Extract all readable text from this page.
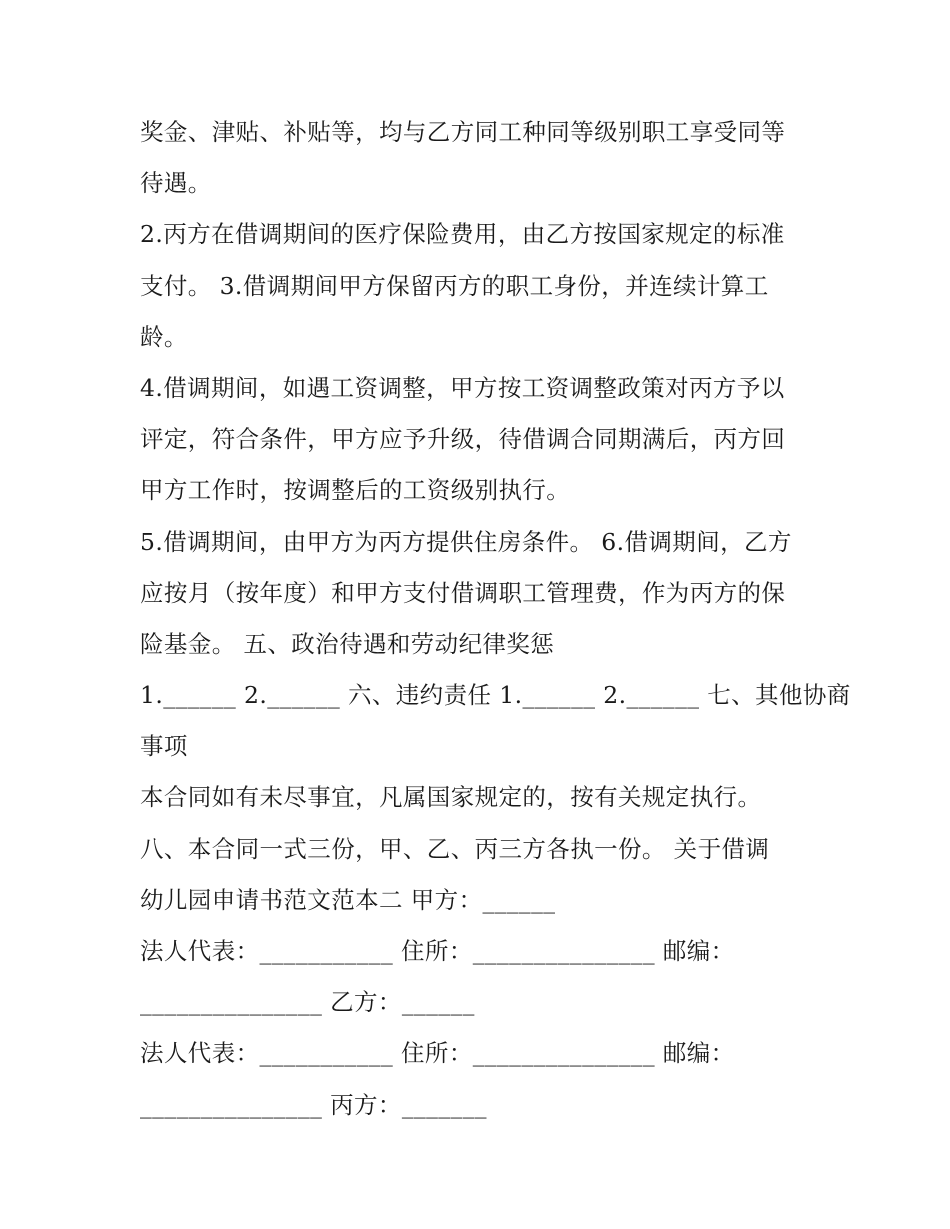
奖金、津贴、补贴等，均与乙方同工种同等级别职工享受同等
待遇。
2.丙方在借调期间的医疗保险费用，由乙方按国家规定的标准
支付。 3.借调期间甲方保留丙方的职工身份，并连续计算工
龄。
4.借调期间，如遇工资调整，甲方按工资调整政策对丙方予以
评定，符合条件，甲方应予升级，待借调合同期满后，丙方回
甲方工作时，按调整后的工资级别执行。
5.借调期间，由甲方为丙方提供住房条件。 6.借调期间，乙方
应按月（按年度）和甲方支付借调职工管理费，作为丙方的保
险基金。 五、政治待遇和劳动纪律奖惩
1.______ 2.______ 六、违约责任 1.______ 2.______ 七、其他协商
事项
本合同如有未尽事宜，凡属国家规定的，按有关规定执行。
八、本合同一式三份，甲、乙、丙三方各执一份。 关于借调
幼儿园申请书范文范本二 甲方：______
法人代表：___________ 住所：_______________ 邮编：
_______________ 乙方：______
法人代表：___________ 住所：_______________ 邮编：
_______________ 丙方：_______
